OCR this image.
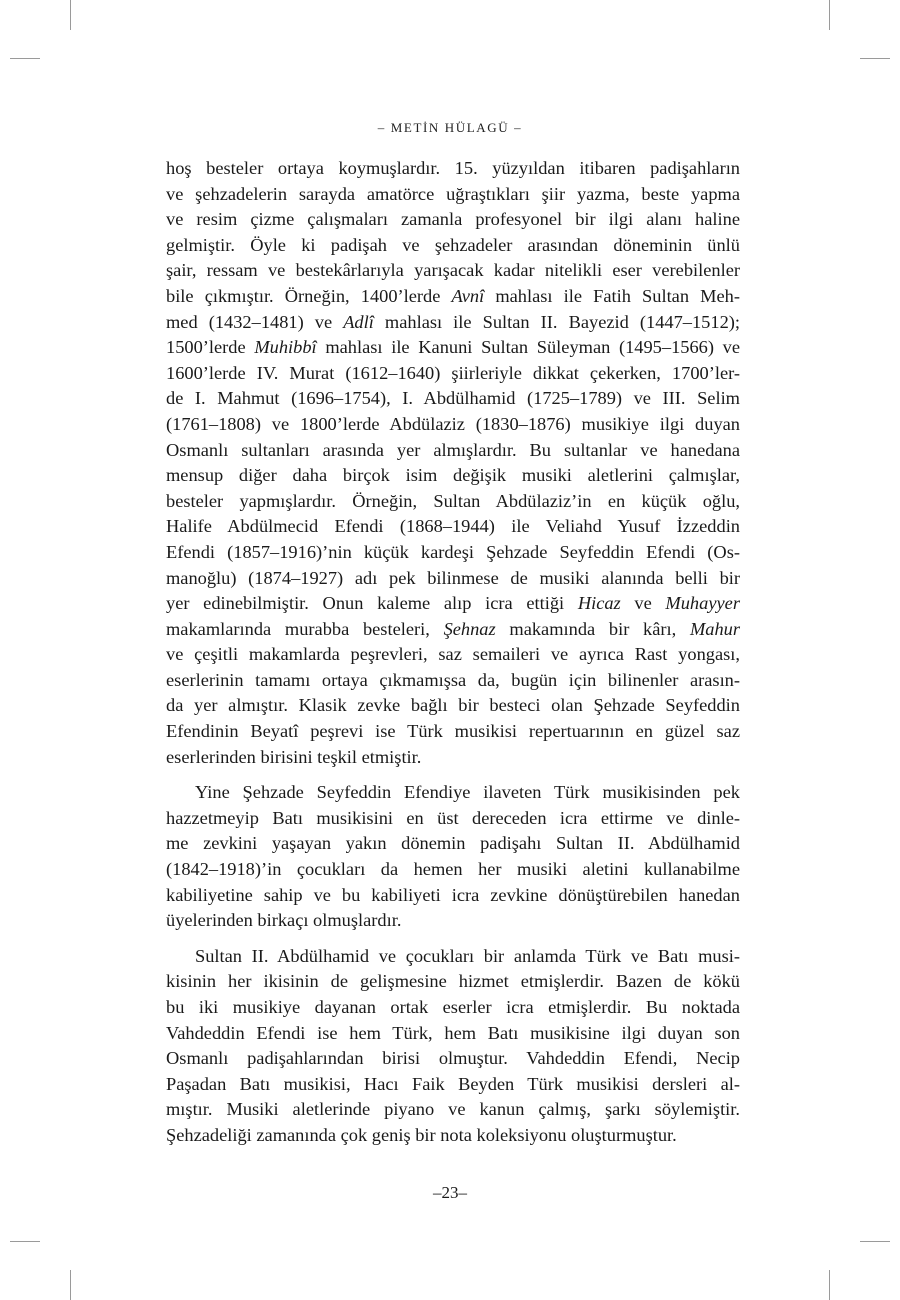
– METİN HÜLAGÜ –
hoş besteler ortaya koymuşlardır. 15. yüzyıldan itibaren padişahların
ve şehzadelerin sarayda amatörce uğraştıkları şiir yazma, beste yapma
ve resim çizme çalışmaları zamanla profesyonel bir ilgi alanı haline
gelmiştir. Öyle ki padişah ve şehzadeler arasından döneminin ünlü
şair, ressam ve bestekârlarıyla yarışacak kadar nitelikli eser verebilenler
bile çıkmıştır. Örneğin, 1400’lerde Avnî mahlası ile Fatih Sultan Meh-
med (1432–1481) ve Adlî mahlası ile Sultan II. Bayezid (1447–1512);
1500’lerde Muhibbî mahlası ile Kanuni Sultan Süleyman (1495–1566) ve
1600’lerde IV. Murat (1612–1640) şiirleriyle dikkat çekerken, 1700’ler-
de I. Mahmut (1696–1754), I. Abdülhamid (1725–1789) ve III. Selim
(1761–1808) ve 1800’lerde Abdülaziz (1830–1876) musikiye ilgi duyan
Osmanlı sultanları arasında yer almışlardır. Bu sultanlar ve hanedana
mensup diğer daha birçok isim değişik musiki aletlerini çalmışlar,
besteler yapmışlardır. Örneğin, Sultan Abdülaziz’in en küçük oğlu,
Halife Abdülmecid Efendi (1868–1944) ile Veliahd Yusuf İzzeddin
Efendi (1857–1916)’nin küçük kardeşi Şehzade Seyfeddin Efendi (Os-
manoğlu) (1874–1927) adı pek bilinmese de musiki alanında belli bir
yer edinebilmiştir. Onun kaleme alıp icra ettiği Hicaz ve Muhayyer
makamlarında murabba besteleri, Şehnaz makamında bir kârı, Mahur
ve çeşitli makamlarda peşrevleri, saz semaileri ve ayrıca Rast yongası,
eserlerinin tamamı ortaya çıkmamışsa da, bugün için bilinenler arasın-
da yer almıştır. Klasik zevke bağlı bir besteci olan Şehzade Seyfeddin
Efendinin Beyatî peşrevi ise Türk musikisi repertuarının en güzel saz
eserlerinden birisini teşkil etmiştir.
Yine Şehzade Seyfeddin Efendiye ilaveten Türk musikisinden pek
hazzetmeyip Batı musikisini en üst dereceden icra ettirme ve dinle-
me zevkini yaşayan yakın dönemin padişahı Sultan II. Abdülhamid
(1842–1918)’in çocukları da hemen her musiki aletini kullanabilme
kabiliyetine sahip ve bu kabiliyeti icra zevkine dönüştürebilen hanedan
üyelerinden birkaçı olmuşlardır.
Sultan II. Abdülhamid ve çocukları bir anlamda Türk ve Batı musi-
kisinin her ikisinin de gelişmesine hizmet etmişlerdir. Bazen de kökü
bu iki musikiye dayanan ortak eserler icra etmişlerdir. Bu noktada
Vahdeddin Efendi ise hem Türk, hem Batı musikisine ilgi duyan son
Osmanlı padişahlarından birisi olmuştur. Vahdeddin Efendi, Necip
Paşadan Batı musikisi, Hacı Faik Beyden Türk musikisi dersleri al-
mıştır. Musiki aletlerinde piyano ve kanun çalmış, şarkı söylemiştir.
Şehzadeliği zamanında çok geniş bir nota koleksiyonu oluşturmuştur.
–23–
